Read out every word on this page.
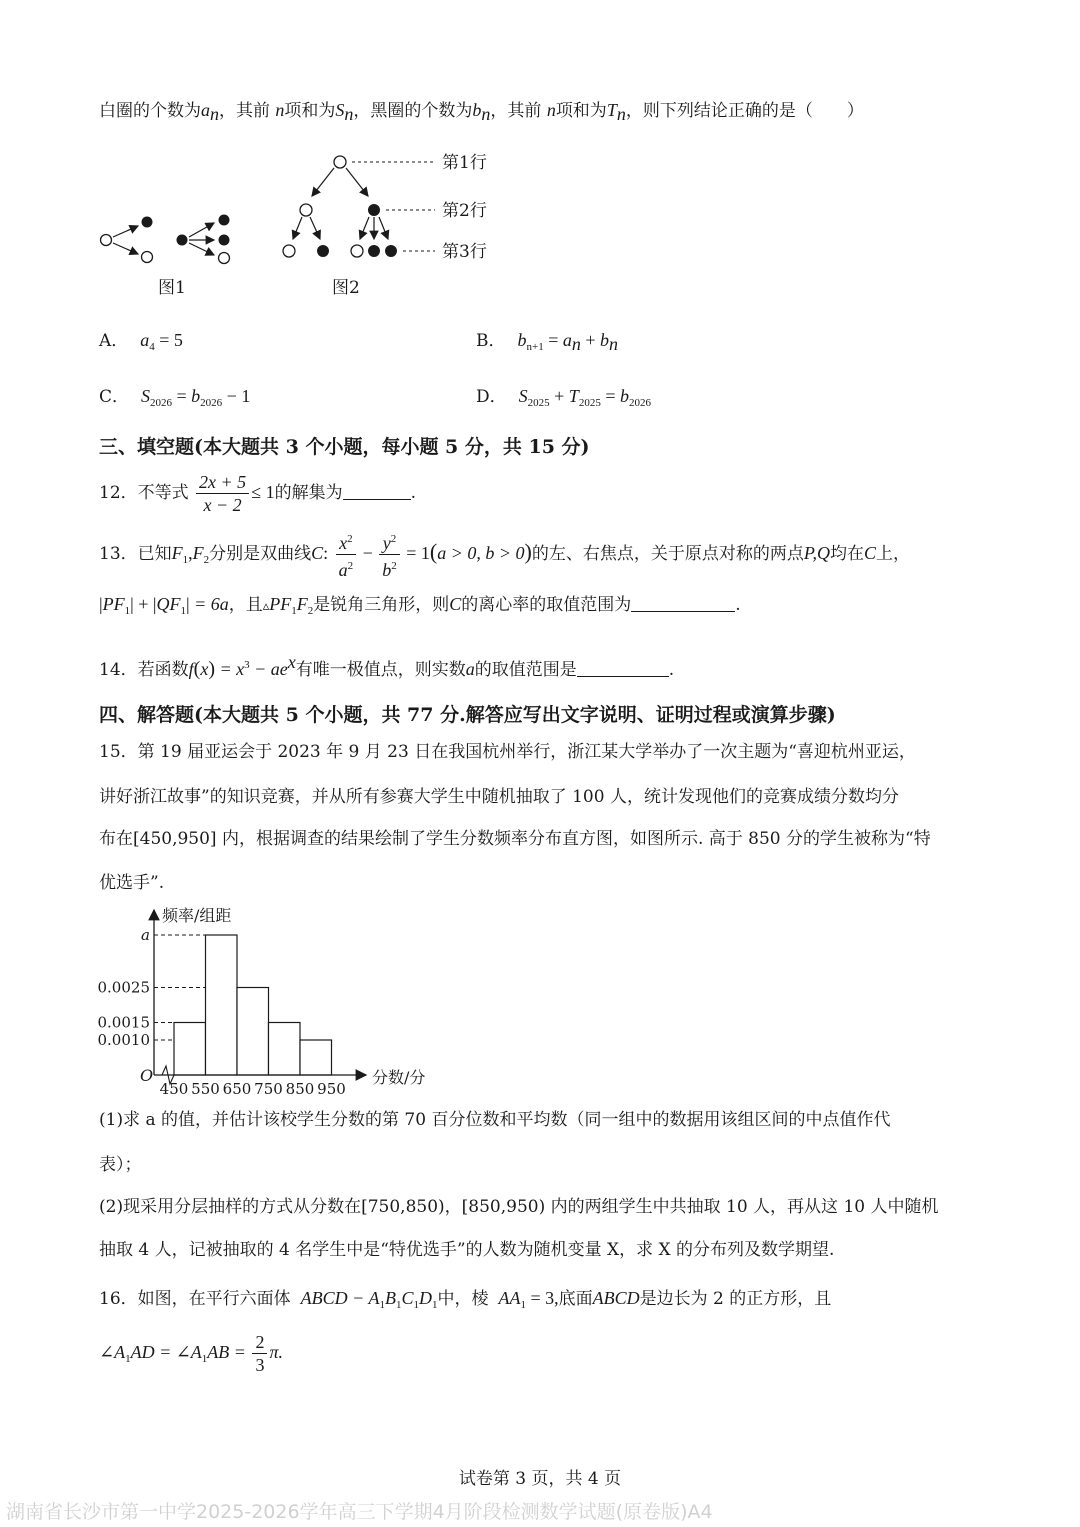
白圈的个数为$a_n$，其前 n项和为$S_n$，黑圈的个数为$b_n$，其前 n项和为$T_n$，则下列结论正确的是（　　）
图1
第1行
第2行
第3行
图2
A． $a_4 = 5$	B． $b_{n+1} = a_n + b_n$
C． $S_{2026} = b_{2026} - 1$	D． $S_{2025} + T_{2025} = b_{2026}$
三、填空题(本大题共 3 个小题，每小题 5 分，共 15 分)
12．不等式 $\frac{2x + 5}{x - 2} \le 1$的解集为	.
13．已知$F_1,F_2$分别是双曲线C: $\frac{x^2}{a^2} - \frac{y^2}{b^2} = 1(a > 0$, b > 0)的左、右焦点，关于原点对称的两点P,Q均在C上，
$|PF_1| + |QF_1| = 6a$，且$▵PF_1F_2$是锐角三角形，则C的离心率的取值范围为	.
14．若函数$f(x) = x^3 - ae^x$有唯一极值点，则实数a的取值范围是	.
四、解答题(本大题共 5 个小题，共 77 分.解答应写出文字说明、证明过程或演算步骤)
15．第 19 届亚运会于 2023 年 9 月 23 日在我国杭州举行，浙江某大学举办了一次主题为“喜迎杭州亚运，
讲好浙江故事”的知识竞赛，并从所有参赛大学生中随机抽取了 100 人，统计发现他们的竞赛成绩分数均分
布在[450,950] 内，根据调查的结果绘制了学生分数频率分布直方图，如图所示. 高于 850 分的学生被称为“特
优选手”.
O
频率/组距
分数/分
0.0010
0.0015
0.0025
a
450 550 650 750 850 950
(1)求 a 的值，并估计该校学生分数的第 70 百分位数和平均数（同一组中的数据用该组区间的中点值作代
表）；
(2)现采用分层抽样的方式从分数在[750,850)，[850,950) 内的两组学生中共抽取 10 人，再从这 10 人中随机
抽取 4 人，记被抽取的 4 名学生中是“特优选手”的人数为随机变量 X，求 X 的分布列及数学期望.
16．如图，在平行六面体 ABCD − $A_1B_1C_1D_1$中，棱 $AA_1 = 3$,底面ABCD是边长为 2 的正方形，且
$\angle A_1AD$ = $\angle A_1AB = \frac{2}{3} \pi$.
试卷第 3 页，共 4 页
湖南省长沙市第一中学2025-2026学年高三下学期4月阶段检测数学试题(原卷版)A4
